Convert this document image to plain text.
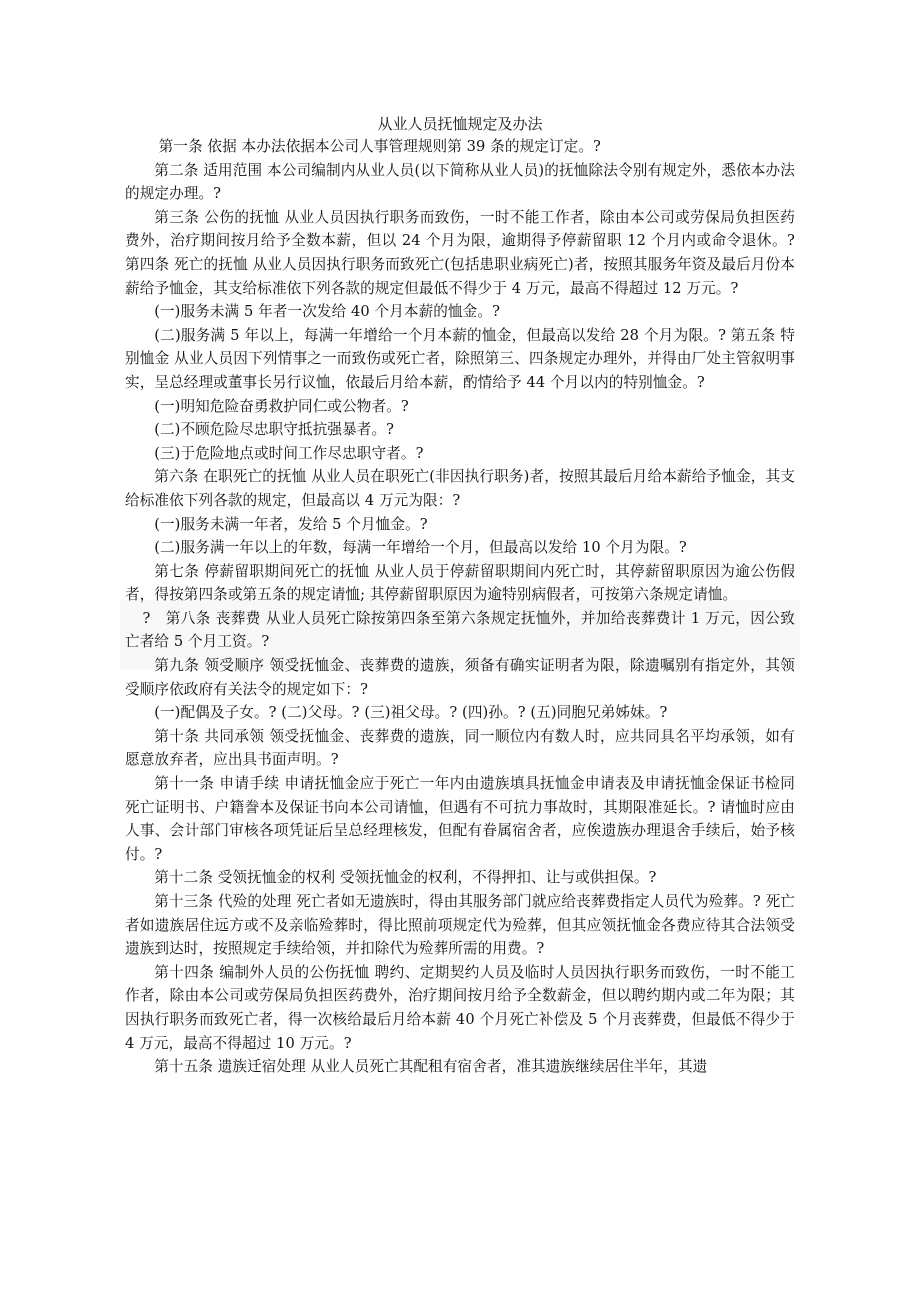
从业人员抚恤规定及办法

第一条 依据 本办法依据本公司人事管理规则第 39 条的规定订定。?

第二条 适用范围 本公司编制内从业人员(以下简称从业人员)的抚恤除法令别有规定外，悉依本办法的规定办理。?

第三条 公伤的抚恤 从业人员因执行职务而致伤，一时不能工作者，除由本公司或劳保局负担医药费外，治疗期间按月给予全数本薪，但以 24 个月为限，逾期得予停薪留职 12 个月内或命令退休。? 第四条 死亡的抚恤 从业人员因执行职务而致死亡(包括患职业病死亡)者，按照其服务年资及最后月份本薪给予恤金，其支给标准依下列各款的规定但最低不得少于 4 万元，最高不得超过 12 万元。?

(一)服务未满 5 年者一次发给 40 个月本薪的恤金。?

(二)服务满 5 年以上，每满一年增给一个月本薪的恤金，但最高以发给 28 个月为限。? 第五条 特别恤金 从业人员因下列情事之一而致伤或死亡者，除照第三、四条规定办理外，并得由厂处主管叙明事实，呈总经理或董事长另行议恤，依最后月给本薪，酌情给予 44 个月以内的特别恤金。?

(一)明知危险奋勇救护同仁或公物者。?

(二)不顾危险尽忠职守抵抗强暴者。?

(三)于危险地点或时间工作尽忠职守者。?

第六条 在职死亡的抚恤 从业人员在职死亡(非因执行职务)者，按照其最后月给本薪给予恤金，其支给标准依下列各款的规定，但最高以 4 万元为限：?

(一)服务未满一年者，发给 5 个月恤金。?

(二)服务满一年以上的年数，每满一年增给一个月，但最高以发给 10 个月为限。?

第七条 停薪留职期间死亡的抚恤 从业人员于停薪留职期间内死亡时，其停薪留职原因为逾公伤假者，得按第四条或第五条的规定请恤; 其停薪留职原因为逾特别病假者，可按第六条规定请恤。

?　第八条 丧葬费 从业人员死亡除按第四条至第六条规定抚恤外，并加给丧葬费计 1 万元，因公致亡者给 5 个月工资。?

第九条 领受顺序 领受抚恤金、丧葬费的遗族，须备有确实证明者为限，除遗嘱别有指定外，其领受顺序依政府有关法令的规定如下：?

(一)配偶及子女。? (二)父母。? (三)祖父母。? (四)孙。? (五)同胞兄弟姊妹。?

第十条 共同承领 领受抚恤金、丧葬费的遗族，同一顺位内有数人时，应共同具名平均承领，如有愿意放弃者，应出具书面声明。?

第十一条 申请手续 申请抚恤金应于死亡一年内由遗族填具抚恤金申请表及申请抚恤金保证书检同死亡证明书、户籍誊本及保证书向本公司请恤，但遇有不可抗力事故时，其期限准延长。? 请恤时应由人事、会计部门审核各项凭证后呈总经理核发，但配有眷属宿舍者，应俟遗族办理退舍手续后，始予核付。?

第十二条 受领抚恤金的权利 受领抚恤金的权利，不得押扣、让与或供担保。?

第十三条 代殓的处理 死亡者如无遗族时，得由其服务部门就应给丧葬费指定人员代为殓葬。? 死亡者如遗族居住远方或不及亲临殓葬时，得比照前项规定代为殓葬，但其应领抚恤金各费应待其合法领受遗族到达时，按照规定手续给领，并扣除代为殓葬所需的用费。?

第十四条 编制外人员的公伤抚恤 聘约、定期契约人员及临时人员因执行职务而致伤，一时不能工作者，除由本公司或劳保局负担医药费外，治疗期间按月给予全数薪金，但以聘约期内或二年为限；其因执行职务而致死亡者，得一次核给最后月给本薪 40 个月死亡补偿及 5 个月丧葬费，但最低不得少于 4 万元，最高不得超过 10 万元。?

第十五条 遗族迁宿处理 从业人员死亡其配租有宿舍者，准其遗族继续居住半年，其遗
